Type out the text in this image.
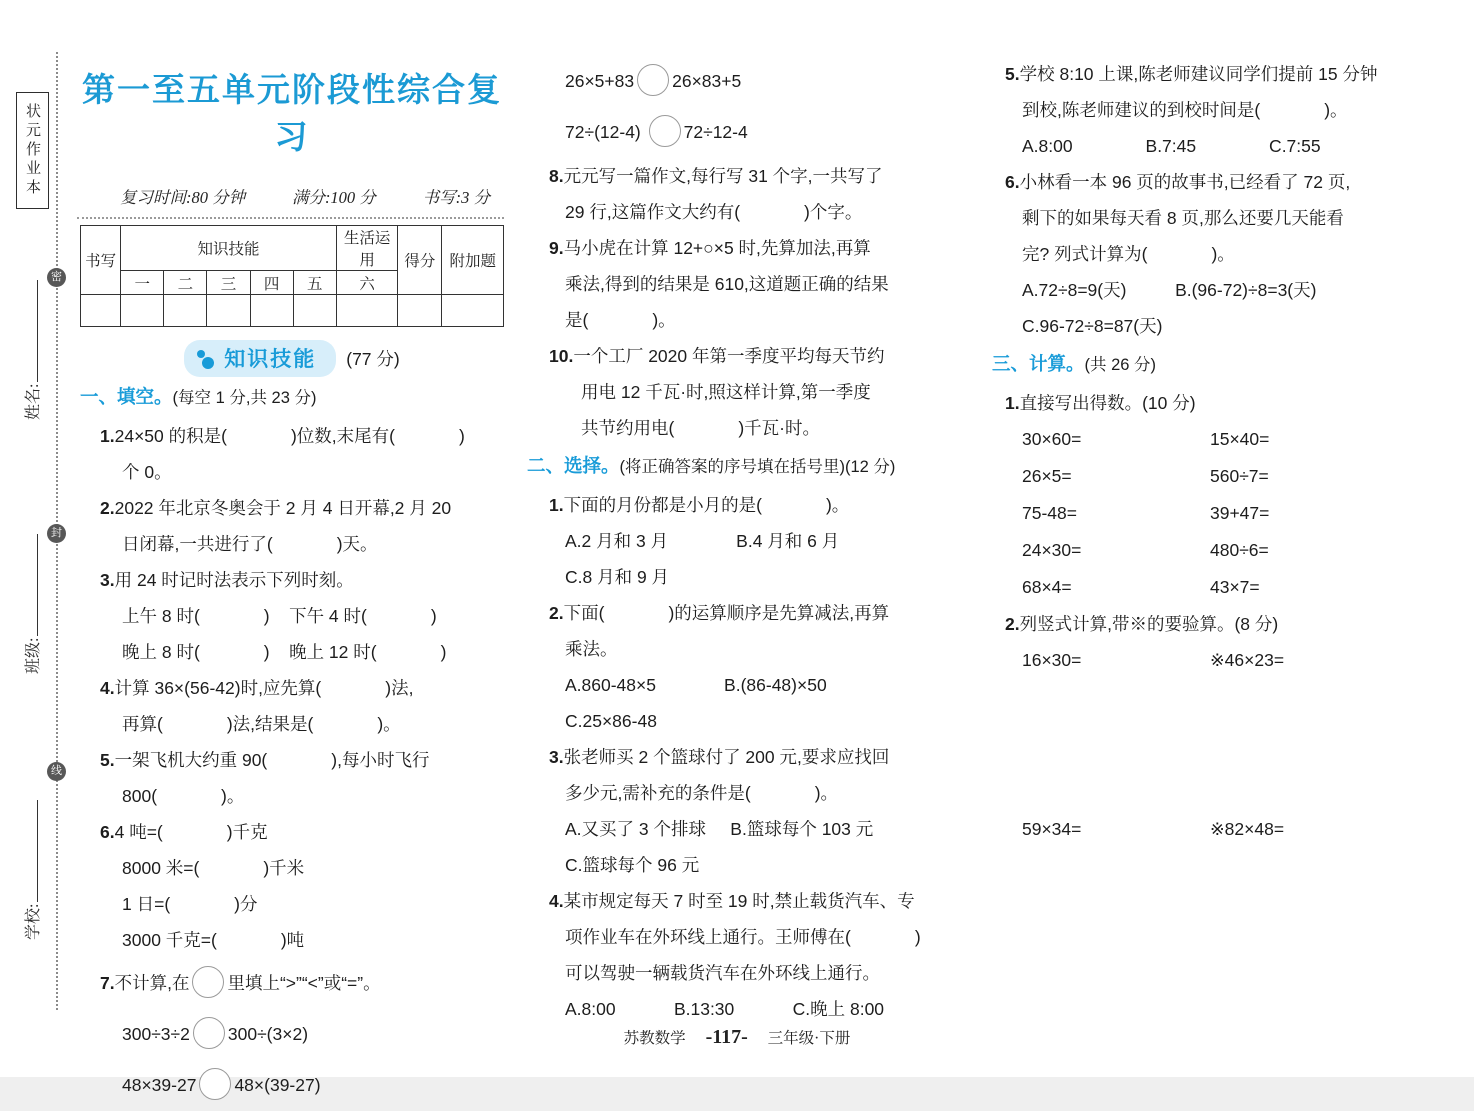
状元作业本
密
封
线
姓名:
班级:
学校:
第一至五单元阶段性综合复习
复习时间:80 分钟	满分:100 分	书写:3 分
书写	知识技能					生活运用	得分	附加题
	一	二	三	四	五	六		

知识技能 (77 分)
一、填空。(每空 1 分,共 23 分)
1.24×50 的积是(	)位数,末尾有(	)
个 0。
2.2022 年北京冬奥会于 2 月 4 日开幕,2 月 20
日闭幕,一共进行了(	)天。
3.用 24 时记时法表示下列时刻。
上午 8 时(	)    下午 4 时(	)
晚上 8 时(	)    晚上 12 时(	)
4.计算 36×(56-42)时,应先算(	)法,
再算(	)法,结果是(	)。
5.一架飞机大约重 90(	),每小时飞行
800(	)。
6.4 吨=(	)千克
8000 米=(	)千米
1 日=(	)分
3000 千克=(	)吨
7.不计算,在 里填上“>”“<”或“=”。
300÷3÷2 300÷(3×2)
48×39-27 48×(39-27)
26×5+83 26×83+5
72÷(12-4) 72÷12-4
8.元元写一篇作文,每行写 31 个字,一共写了
29 行,这篇作文大约有(	)个字。
9.马小虎在计算 12+○×5 时,先算加法,再算
乘法,得到的结果是 610,这道题正确的结果
是(	)。
10.一个工厂 2020 年第一季度平均每天节约
用电 12 千瓦·时,照这样计算,第一季度
共节约用电(	)千瓦·时。
二、选择。(将正确答案的序号填在括号里)(12 分)
1.下面的月份都是小月的是(	)。
A.2 月和 3 月              B.4 月和 6 月
C.8 月和 9 月
2.下面(	)的运算顺序是先算减法,再算
乘法。
A.860-48×5              B.(86-48)×50
C.25×86-48
3.张老师买 2 个篮球付了 200 元,要求应找回
多少元,需补充的条件是(	)。
A.又买了 3 个排球     B.篮球每个 103 元
C.篮球每个 96 元
4.某市规定每天 7 时至 19 时,禁止载货汽车、专
项作业车在外环线上通行。王师傅在(	)
可以驾驶一辆载货汽车在外环线上通行。
A.8:00            B.13:30            C.晚上 8:00
5.学校 8:10 上课,陈老师建议同学们提前 15 分钟
到校,陈老师建议的到校时间是(	)。
A.8:00               B.7:45               C.7:55
6.小林看一本 96 页的故事书,已经看了 72 页,
剩下的如果每天看 8 页,那么还要几天能看
完? 列式计算为(	)。
A.72÷8=9(天)          B.(96-72)÷8=3(天)
C.96-72÷8=87(天)
三、计算。(共 26 分)
1.直接写出得数。(10 分)
30×60=	15×40=
26×5=	560÷7=
75-48=	39+47=
24×30=	480÷6=
68×4=	43×7=
2.列竖式计算,带※的要验算。(8 分)
16×30=	※46×23=
59×34=	※82×48=
苏教数学 -117- 三年级·下册
